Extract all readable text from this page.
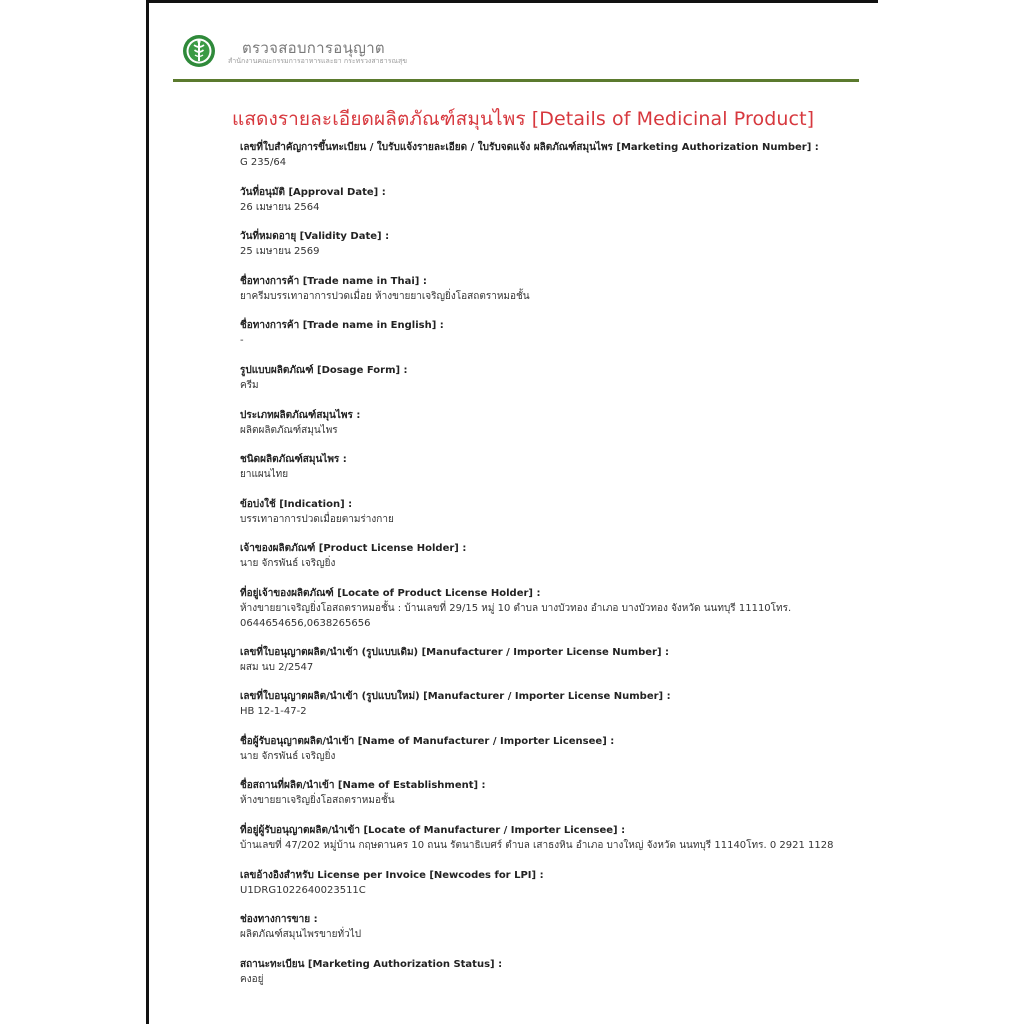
ตรวจสอบการอนุญาต
สำนักงานคณะกรรมการอาหารและยา กระทรวงสาธารณสุข
แสดงรายละเอียดผลิตภัณฑ์สมุนไพร [Details of Medicinal Product]
เลขที่ใบสำคัญการขึ้นทะเบียน / ใบรับแจ้งรายละเอียด / ใบรับจดแจ้ง ผลิตภัณฑ์สมุนไพร [Marketing Authorization Number] :
G 235/64
วันที่อนุมัติ [Approval Date] :
26 เมษายน 2564
วันที่หมดอายุ [Validity Date] :
25 เมษายน 2569
ชื่อทางการค้า [Trade name in Thai] :
ยาครีมบรรเทาอาการปวดเมื่อย ห้างขายยาเจริญยิ่งโอสถตราหมอชั้น
ชื่อทางการค้า [Trade name in English] :
-
รูปแบบผลิตภัณฑ์ [Dosage Form] :
ครีม
ประเภทผลิตภัณฑ์สมุนไพร :
ผลิตผลิตภัณฑ์สมุนไพร
ชนิดผลิตภัณฑ์สมุนไพร :
ยาแผนไทย
ข้อบ่งใช้ [Indication] :
บรรเทาอาการปวดเมื่อยตามร่างกาย
เจ้าของผลิตภัณฑ์ [Product License Holder] :
นาย จักรพันธ์ เจริญยิ่ง
ที่อยู่เจ้าของผลิตภัณฑ์ [Locate of Product License Holder] :
ห้างขายยาเจริญยิ่งโอสถตราหมอชั้น : บ้านเลขที่ 29/15 หมู่ 10 ตำบล บางบัวทอง อำเภอ บางบัวทอง จังหวัด นนทบุรี 11110โทร. 0644654656,0638265656
เลขที่ใบอนุญาตผลิต/นำเข้า (รูปแบบเดิม) [Manufacturer / Importer License Number] :
ผสม นบ 2/2547
เลขที่ใบอนุญาตผลิต/นำเข้า (รูปแบบใหม่) [Manufacturer / Importer License Number] :
HB 12-1-47-2
ชื่อผู้รับอนุญาตผลิต/นำเข้า [Name of Manufacturer / Importer Licensee] :
นาย จักรพันธ์ เจริญยิ่ง
ชื่อสถานที่ผลิต/นำเข้า [Name of Establishment] :
ห้างขายยาเจริญยิ่งโอสถตราหมอชั้น
ที่อยู่ผู้รับอนุญาตผลิต/นำเข้า [Locate of Manufacturer / Importer Licensee] :
บ้านเลขที่ 47/202 หมู่บ้าน กฤษดานคร 10 ถนน รัตนาธิเบศร์ ตำบล เสาธงหิน อำเภอ บางใหญ่ จังหวัด นนทบุรี 11140โทร. 0 2921 1128
เลขอ้างอิงสำหรับ License per Invoice [Newcodes for LPI] :
U1DRG1022640023511C
ช่องทางการขาย :
ผลิตภัณฑ์สมุนไพรขายทั่วไป
สถานะทะเบียน [Marketing Authorization Status] :
คงอยู่
